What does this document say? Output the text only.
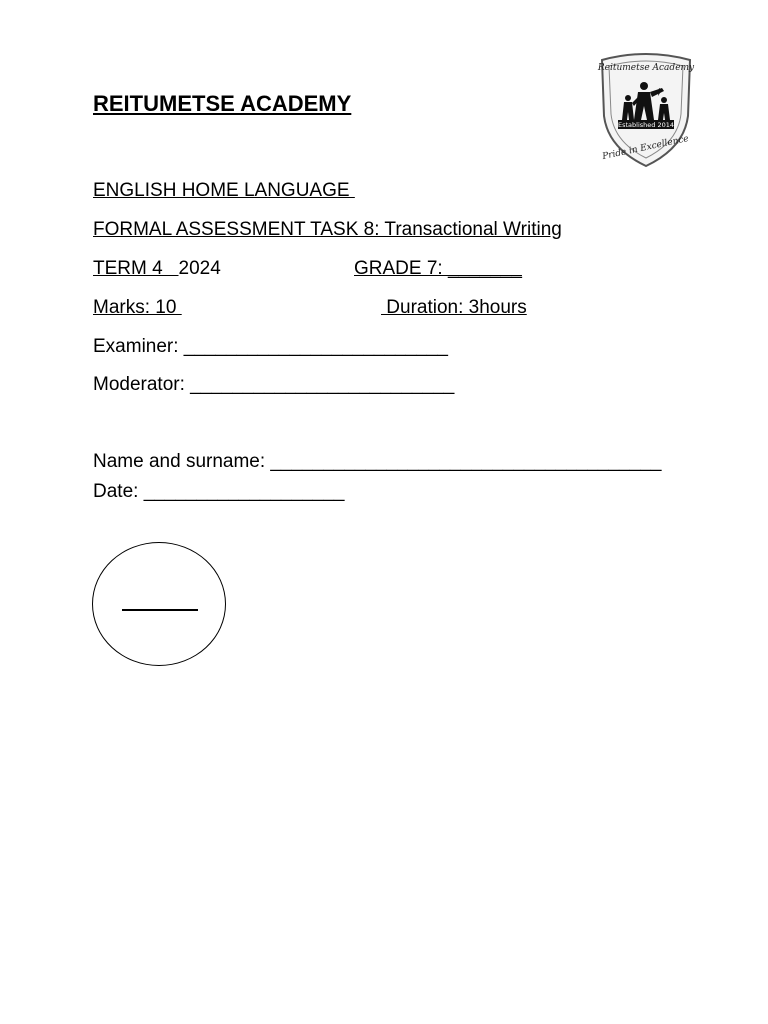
REITUMETSE ACADEMY
Reitumetse Academy
Established 2014
Pride in Excellence
ENGLISH HOME LANGUAGE
FORMAL ASSESSMENT TASK 8: Transactional Writing
TERM 4   2024	GRADE 7: _______
Marks: 10	Duration: 3hours
Examiner: _________________________
Moderator: _________________________
Name and surname: _____________________________________
Date: ___________________
